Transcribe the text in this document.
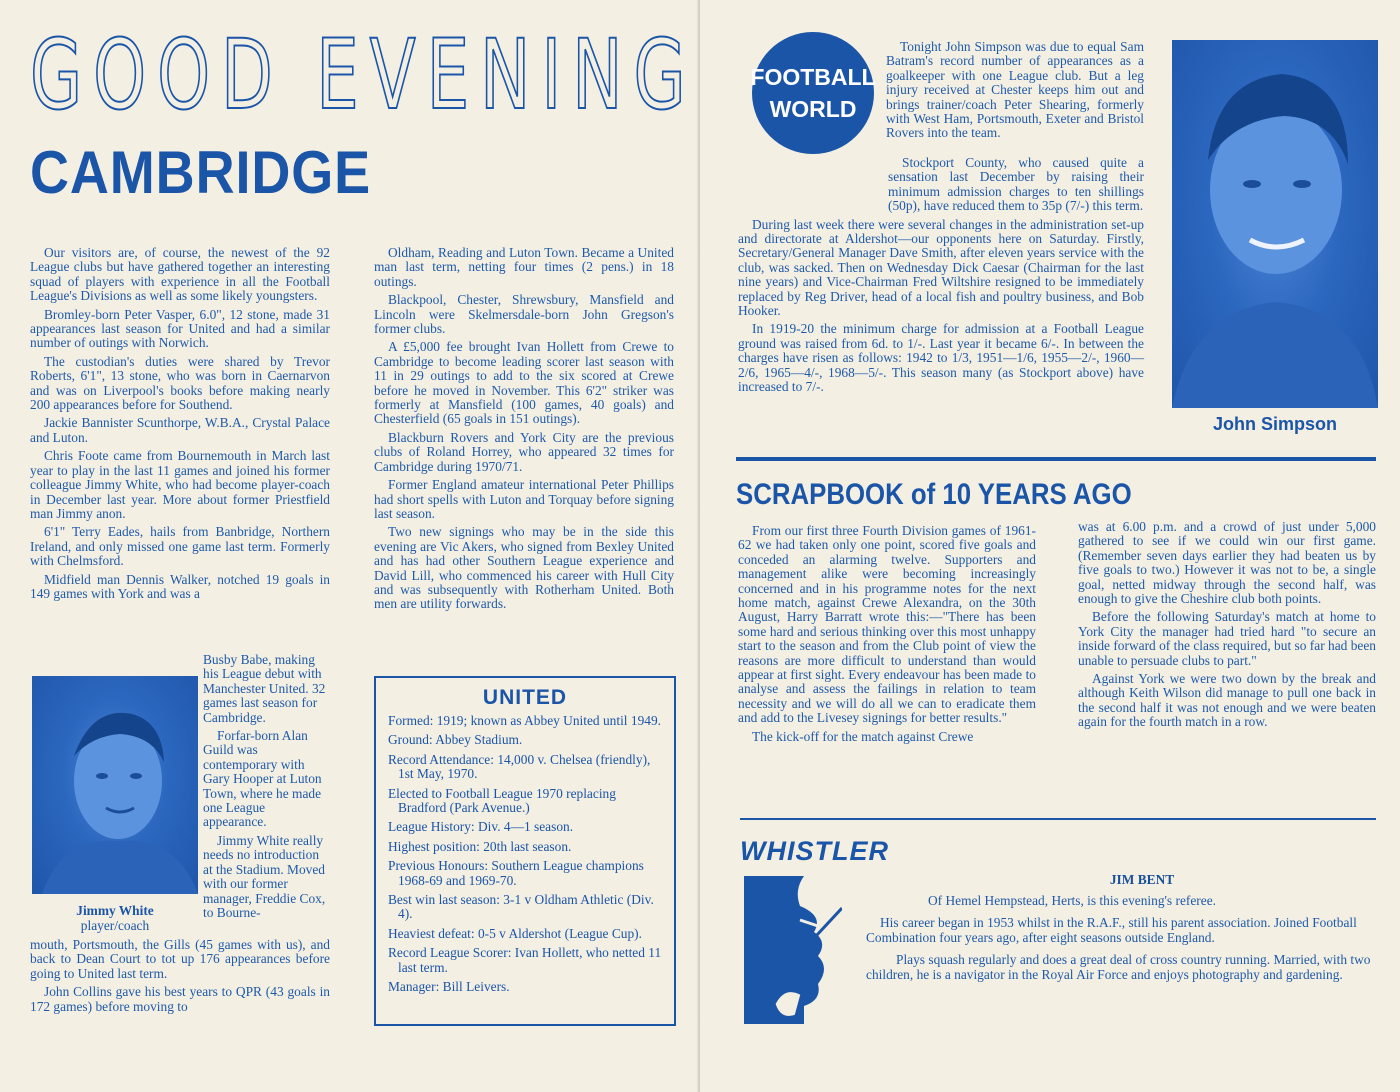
GOOD EVENING
CAMBRIDGE

Our visitors are, of course, the newest of the 92 League clubs but have gathered together an interesting squad of players with experience in all the Football League's Divisions as well as some likely youngsters.

Bromley-born Peter Vasper, 6.0", 12 stone, made 31 appearances last season for United and had a similar number of outings with Norwich.

The custodian's duties were shared by Trevor Roberts, 6'1", 13 stone, who was born in Caernarvon and was on Liverpool's books before making nearly 200 appearances before for Southend.

Jackie Bannister Scunthorpe, W.B.A., Crystal Palace and Luton.

Chris Foote came from Bournemouth in March last year to play in the last 11 games and joined his former colleague Jimmy White, who had become player-coach in December last year. More about former Priestfield man Jimmy anon.

6'1" Terry Eades, hails from Banbridge, Northern Ireland, and only missed one game last term. Formerly with Chelmsford.

Midfield man Dennis Walker, notched 19 goals in 149 games with York and was a

Jimmy White
player/coach

Busby Babe, making his League debut with Manchester United. 32 games last season for Cambridge.

Forfar-born Alan Guild was contemporary with Gary Hooper at Luton Town, where he made one League appearance.

Jimmy White really needs no introduction at the Stadium. Moved with our former manager, Freddie Cox, to Bourne-

mouth, Portsmouth, the Gills (45 games with us), and back to Dean Court to tot up 176 appearances before going to United last term.

John Collins gave his best years to QPR (43 goals in 172 games) before moving to

Oldham, Reading and Luton Town. Became a United man last term, netting four times (2 pens.) in 18 outings.

Blackpool, Chester, Shrewsbury, Mansfield and Lincoln were Skelmersdale-born John Gregson's former clubs.

A £5,000 fee brought Ivan Hollett from Crewe to Cambridge to become leading scorer last season with 11 in 29 outings to add to the six scored at Crewe before he moved in November. This 6'2" striker was formerly at Mansfield (100 games, 40 goals) and Chesterfield (65 goals in 151 outings).

Blackburn Rovers and York City are the previous clubs of Roland Horrey, who appeared 32 times for Cambridge during 1970/71.

Former England amateur international Peter Phillips had short spells with Luton and Torquay before signing last season.

Two new signings who may be in the side this evening are Vic Akers, who signed from Bexley United and has had other Southern League experience and David Lill, who commenced his career with Hull City and was subsequently with Rotherham United. Both men are utility forwards.

UNITED

Formed: 1919; known as Abbey United until 1949.

Ground: Abbey Stadium.

Record Attendance: 14,000 v. Chelsea (friendly), 1st May, 1970.

Elected to Football League 1970 replacing Bradford (Park Avenue.)

League History: Div. 4—1 season.

Highest position: 20th last season.

Previous Honours: Southern League champions 1968-69 and 1969-70.

Best win last season: 3-1 v Oldham Athletic (Div. 4).

Heaviest defeat: 0-5 v Aldershot (League Cup).

Record League Scorer: Ivan Hollett, who netted 11 last term.

Manager: Bill Leivers.

FOOTBALL
WORLD

Tonight John Simpson was due to equal Sam Batram's record number of appearances as a goalkeeper with one League club. But a leg injury received at Chester keeps him out and brings trainer/coach Peter Shearing, formerly with West Ham, Portsmouth, Exeter and Bristol Rovers into the team.

Stockport County, who caused quite a sensation last December by raising their minimum admission charges to ten shillings (50p), have reduced them to 35p (7/-) this term.

During last week there were several changes in the administration set-up and directorate at Aldershot—our opponents here on Saturday. Firstly, Secretary/General Manager Dave Smith, after eleven years service with the club, was sacked. Then on Wednesday Dick Caesar (Chairman for the last nine years) and Vice-Chairman Fred Wiltshire resigned to be immediately replaced by Reg Driver, head of a local fish and poultry business, and Bob Hooker.

In 1919-20 the minimum charge for admission at a Football League ground was raised from 6d. to 1/-. Last year it became 6/-. In between the charges have risen as follows: 1942 to 1/3, 1951—1/6, 1955—2/-, 1960—2/6, 1965—4/-, 1968—5/-. This season many (as Stockport above) have increased to 7/-.

John Simpson
SCRAPBOOK of 10 YEARS AGO

From our first three Fourth Division games of 1961-62 we had taken only one point, scored five goals and conceded an alarming twelve. Supporters and management alike were becoming increasingly concerned and in his programme notes for the next home match, against Crewe Alexandra, on the 30th August, Harry Barratt wrote this:—"There has been some hard and serious thinking over this most unhappy start to the season and from the Club point of view the reasons are more difficult to understand than would appear at first sight. Every endeavour has been made to analyse and assess the failings in relation to team necessity and we will do all we can to eradicate them and add to the Livesey signings for better results."

The kick-off for the match against Crewe

was at 6.00 p.m. and a crowd of just under 5,000 gathered to see if we could win our first game. (Remember seven days earlier they had beaten us by five goals to two.) However it was not to be, a single goal, netted midway through the second half, was enough to give the Cheshire club both points.

Before the following Saturday's match at home to York City the manager had tried hard "to secure an inside forward of the class required, but so far had been unable to persuade clubs to part."

Against York we were two down by the break and although Keith Wilson did manage to pull one back in the second half it was not enough and we were beaten again for the fourth match in a row.

WHISTLER
JIM BENT

Of Hemel Hempstead, Herts, is this evening's referee.

His career began in 1953 whilst in the R.A.F., still his parent association. Joined Football Combination four years ago, after eight seasons outside England.

Plays squash regularly and does a great deal of cross country running. Married, with two children, he is a navigator in the Royal Air Force and enjoys photography and gardening.
